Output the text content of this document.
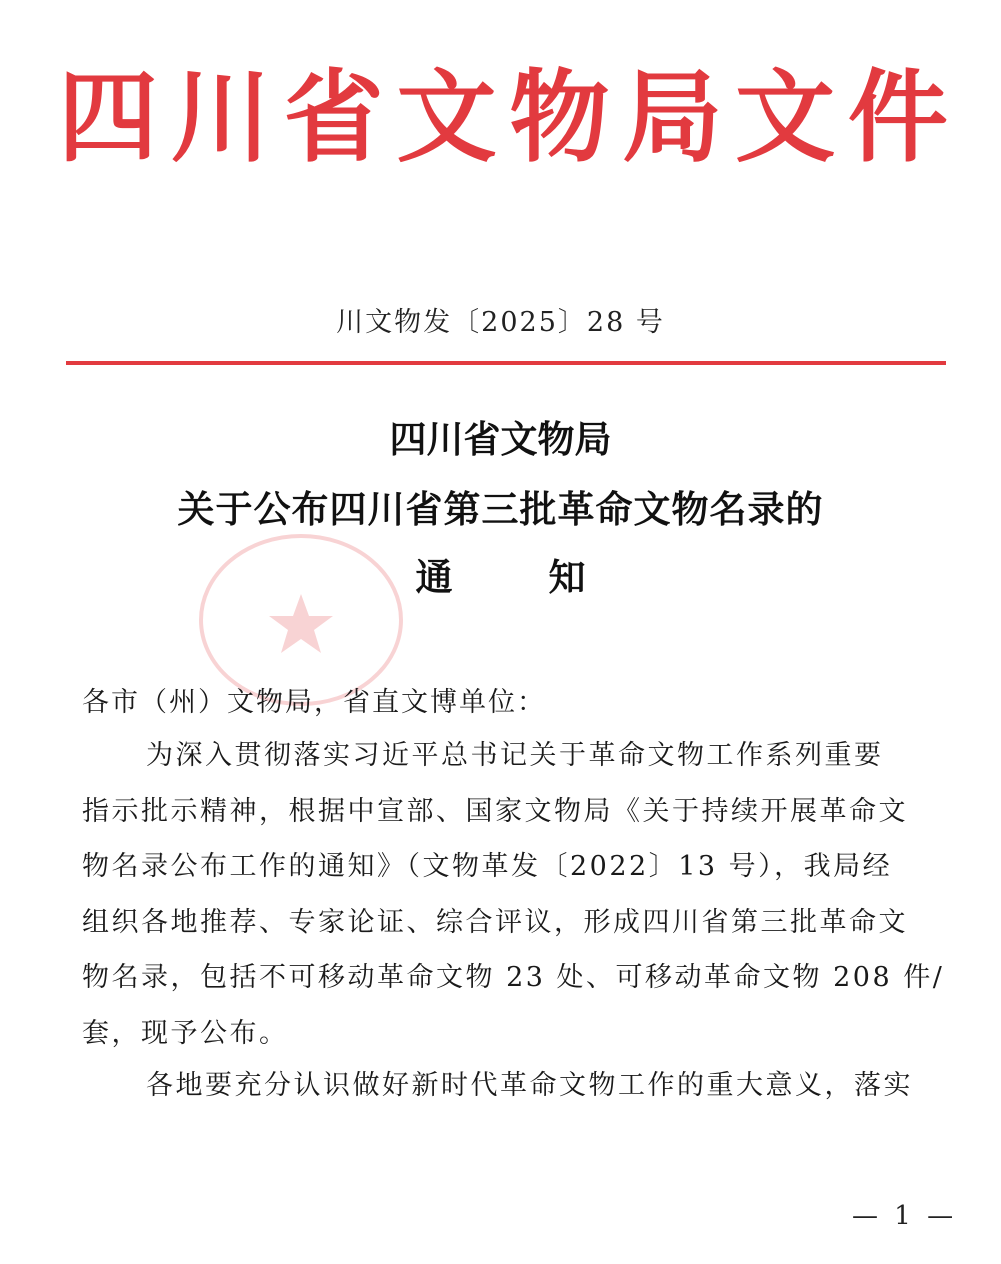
四 川 省 文 物 局 文 件
川文物发〔2025〕28 号
四川省文物局
关于公布四川省第三批革命文物名录的
通	知
各市（州）文物局，省直文博单位：
为深入贯彻落实习近平总书记关于革命文物工作系列重要
指示批示精神，根据中宣部、国家文物局《关于持续开展革命文
物名录公布工作的通知》（文物革发〔2022〕13 号），我局经
组织各地推荐、专家论证、综合评议，形成四川省第三批革命文
物名录，包括不可移动革命文物 23 处、可移动革命文物 208 件/
套，现予公布。
各地要充分认识做好新时代革命文物工作的重大意义，落实
— 1 —
